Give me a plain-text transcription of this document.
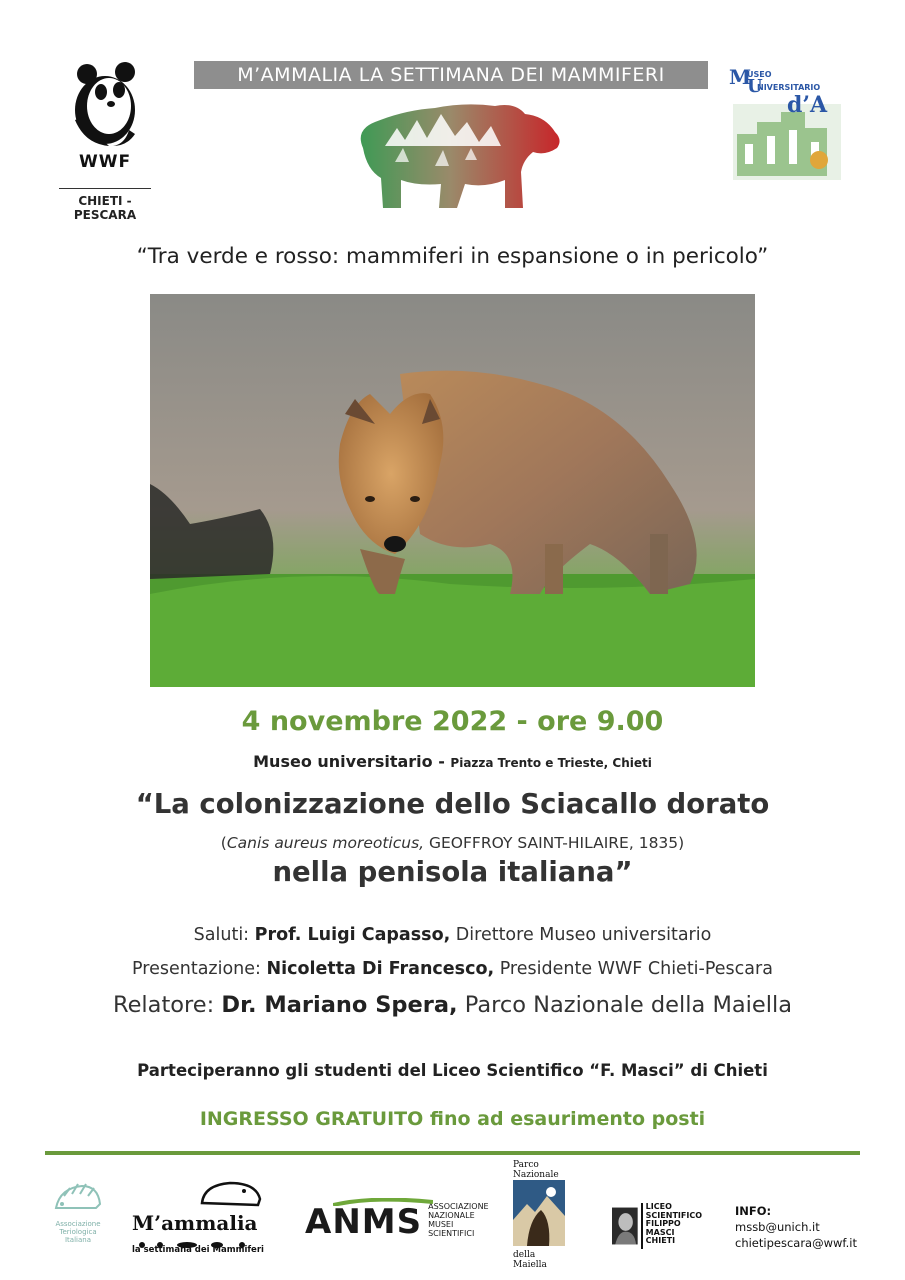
WWF
CHIETI - PESCARA
M’AMMALIA LA SETTIMANA DEI MAMMIFERI	M
USEO
NIVERSITARIO
U
d’A
“Tra verde e rosso: mammiferi in espansione o in pericolo”
4 novembre 2022 - ore 9.00
Museo universitario - Piazza Trento e Trieste, Chieti
“La colonizzazione dello Sciacallo dorato
(Canis aureus moreoticus, GEOFFROY SAINT-HILAIRE, 1835)
nella penisola italiana”
Saluti: Prof. Luigi Capasso, Direttore Museo universitario
Presentazione: Nicoletta Di Francesco, Presidente WWF Chieti-Pescara
Relatore: Dr. Mariano Spera, Parco Nazionale della Maiella
Parteciperanno gli studenti del Liceo Scientifico “F. Masci” di Chieti
INGRESSO GRATUITO fino ad esaurimento posti
Associazione
Teriologica
Italiana
M’ammalia
la settimana dei Mammiferi
ANMS ASSOCIAZIONE
NAZIONALE
MUSEI
SCIENTIFICI
Parco Nazionale
della Maiella
LICEO
SCIENTIFICO
FILIPPO
MASCI
CHIETI
INFO:
mssb@unich.it
chietipescara@wwf.it
